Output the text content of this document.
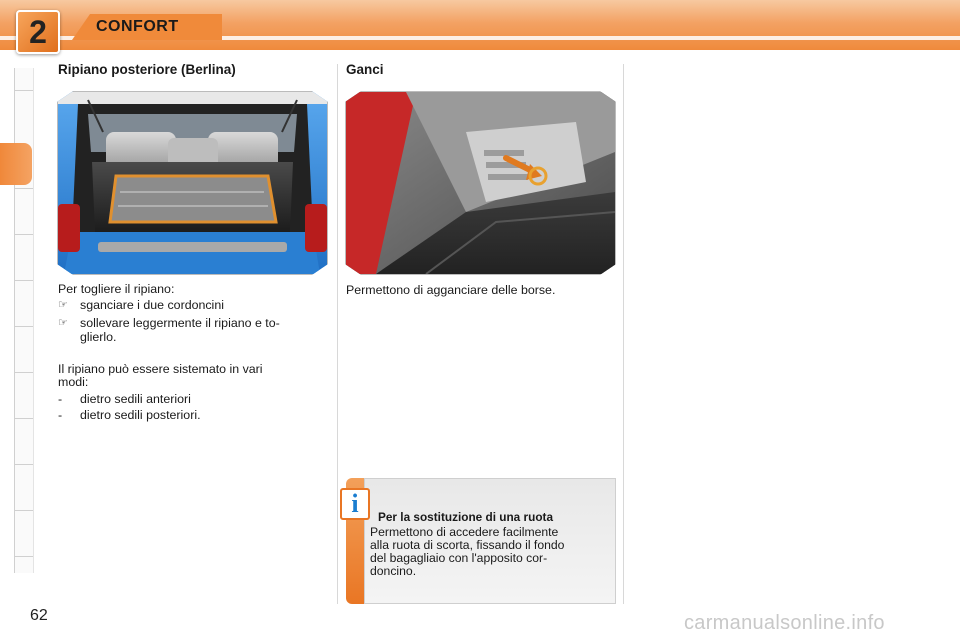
2	CONFORT
Ripiano posteriore (Berlina)
Per togliere il ripiano:
☞ sganciare i due cordoncini
☞ sollevare leggermente il ripiano e to-
glierlo.
Il ripiano può essere sistemato in vari
modi:
- dietro sedili anteriori
- dietro sedili posteriori.
Ganci
Permettono di agganciare delle borse.
i	Per la sostituzione di una ruota
Permettono di accedere facilmente
alla ruota di scorta, fissando il fondo
del bagagliaio con l'apposito cor-
doncino.
62	carmanualsonline.info
